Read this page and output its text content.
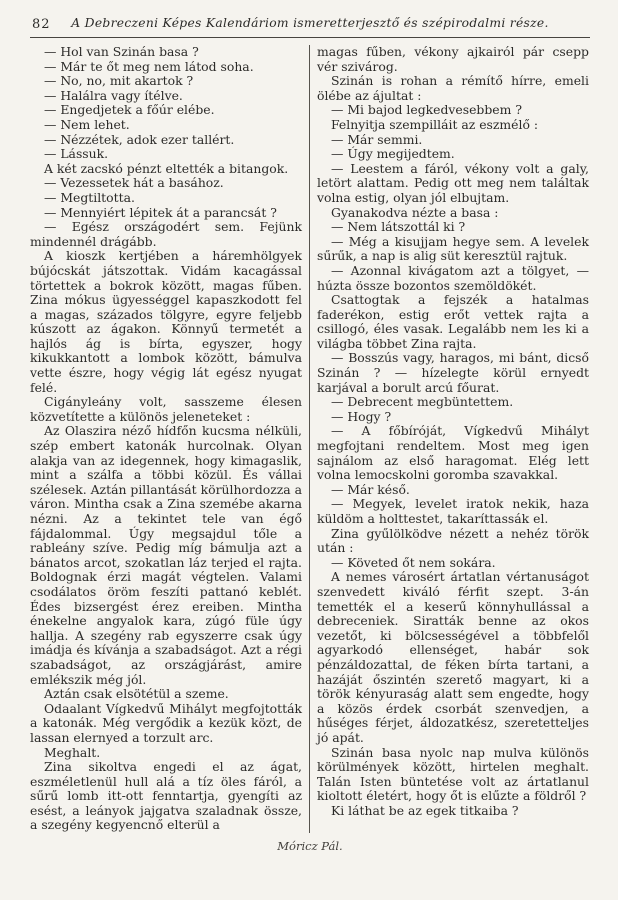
82	A Debreczeni Képes Kalendáriom ismeretterjesztő és szépirodalmi része.

— Hol van Szinán basa ?

— Már te őt meg nem látod soha.

— No, no, mit akartok ?

— Halálra vagy ítélve.

— Engedjetek a főúr elébe.

— Nem lehet.

— Nézzétek, adok ezer tallért.

— Lássuk.

A két zacskó pénzt eltették a bitangok.

— Vezessetek hát a basához.

— Megtiltotta.

— Mennyiért lépitek át a parancsát ?

— Egész országodért sem. Fejünk mindennél drágább.

A kioszk kertjében a háremhölgyek bújócskát játszottak. Vidám kacagással törtettek a bokrok között, magas fűben. Zina mókus ügyességgel kapaszkodott fel a magas, százados tölgyre, egyre feljebb kúszott az ágakon. Könnyű termetét a hajlós ág is bírta, egyszer, hogy kikukkantott a lombok között, bámulva vette észre, hogy végig lát egész nyugat felé.

Cigányleány volt, sasszeme élesen közvetítette a különös jeleneteket :

Az Olaszira néző hídfőn kucsma nélküli, szép embert katonák hurcolnak. Olyan alakja van az idegennek, hogy kimagaslik, mint a szálfa a többi közül. És vállai szélesek. Aztán pillantását körülhordozza a váron. Mintha csak a Zina szemébe akarna nézni. Az a tekintet tele van égő fájdalommal. Úgy megsajdul tőle a rableány szíve. Pedig míg bámulja azt a bánatos arcot, szokatlan láz terjed el rajta. Boldognak érzi magát végtelen. Valami csodálatos öröm feszíti pattanó keblét. Édes bizsergést érez ereiben. Mintha énekelne angyalok kara, zúgó füle úgy hallja. A szegény rab egyszerre csak úgy imádja és kívánja a szabadságot. Azt a régi szabadságot, az országjárást, amire emlékszik még jól.

Aztán csak elsötétül a szeme.

Odaalant Vígkedvű Mihályt megfojtották a katonák. Még vergődik a kezük közt, de lassan elernyed a torzult arc.

Meghalt.

Zina sikoltva engedi el az ágat, eszméletlenül hull alá a tíz öles fáról, a sűrű lomb itt-ott fenntartja, gyengíti az esést, a leányok jajgatva szaladnak össze, a szegény kegyencnő elterül a

magas fűben, vékony ajkairól pár csepp vér szivárog.

Szinán is rohan a rémítő hírre, emeli ölébe az ájultat :

— Mi bajod legkedvesebbem ?

Felnyitja szempilláit az eszmélő :

— Már semmi.

— Úgy megijedtem.

— Leestem a fáról, vékony volt a galy, letört alattam. Pedig ott meg nem találtak volna estig, olyan jól elbujtam.

Gyanakodva nézte a basa :

— Nem látszottál ki ?

— Még a kisujjam hegye sem. A levelek sűrűk, a nap is alig süt keresztül rajtuk.

— Azonnal kivágatom azt a tölgyet, — húzta össze bozontos szemöldökét.

Csattogtak a fejszék a hatalmas faderékon, estig erőt vettek rajta a csillogó, éles vasak. Legalább nem les ki a világba többet Zina rajta.

— Bosszús vagy, haragos, mi bánt, dicső Szinán ? — hízelegte körül ernyedt karjával a borult arcú főurat.

— Debrecent megbüntettem.

— Hogy ?

— A főbíróját, Vígkedvű Mihályt megfojtani rendeltem. Most meg igen sajnálom az első haragomat. Elég lett volna lemocskolni goromba szavakkal.

— Már késő.

— Megyek, levelet iratok nekik, haza küldöm a holttestet, takaríttassák el.

Zina gyűlölködve nézett a nehéz török után :

— Követed őt nem sokára.

A nemes városért ártatlan vértanuságot szenvedett kiváló férfit szept. 3-án temették el a keserű könnyhullással a debreceniek. Siratták benne az okos vezetőt, ki bölcsességével a többfelől agyarkodó ellenséget, habár sok pénzáldozattal, de féken bírta tartani, a hazáját őszintén szerető magyart, ki a török kényuraság alatt sem engedte, hogy a közös érdek csorbát szenvedjen, a hűséges férjet, áldozatkész, szeretetteljes jó apát.

Szinán basa nyolc nap mulva különös körülmények között, hirtelen meghalt. Talán Isten büntetése volt az ártatlanul kioltott életért, hogy őt is elűzte a földről ?

Ki láthat be az egek titkaiba ?

Móricz Pál.
